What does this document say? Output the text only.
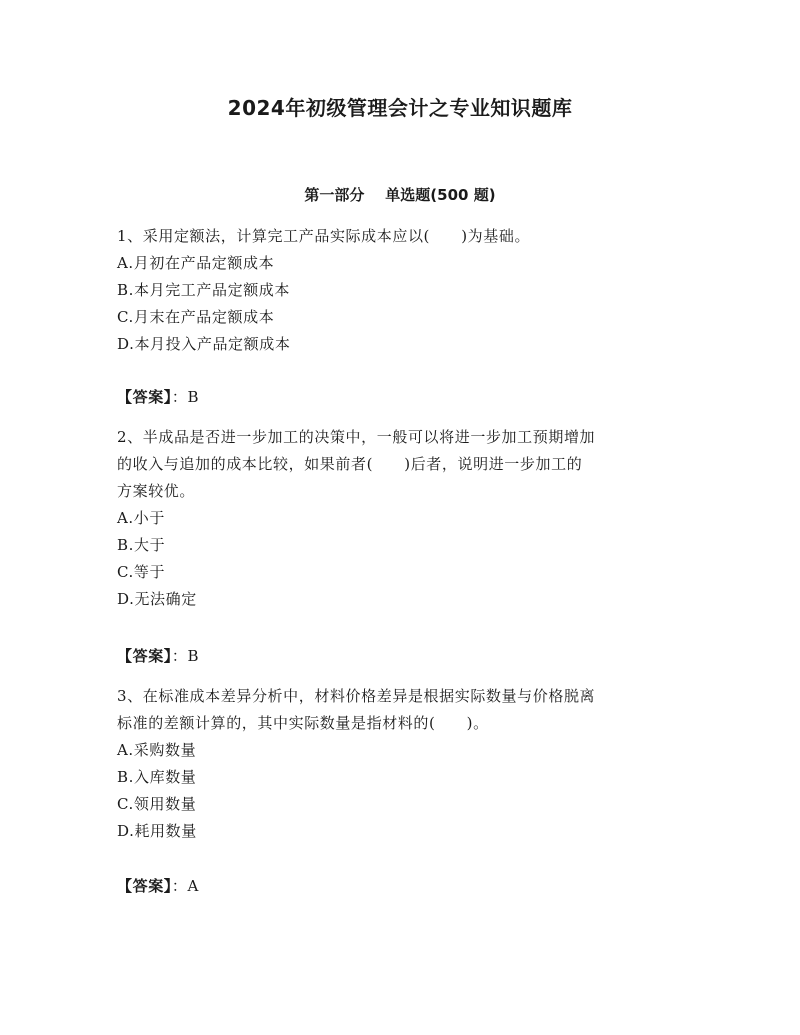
2024年初级管理会计之专业知识题库
第一部分    单选题(500 题)
1、采用定额法，计算完工产品实际成本应以(　　)为基础。
A.月初在产品定额成本
B.本月完工产品定额成本
C.月末在产品定额成本
D.本月投入产品定额成本
【答案】：B
2、半成品是否进一步加工的决策中，一般可以将进一步加工预期增加
的收入与追加的成本比较，如果前者(　　)后者，说明进一步加工的
方案较优。
A.小于
B.大于
C.等于
D.无法确定
【答案】：B
3、在标准成本差异分析中，材料价格差异是根据实际数量与价格脱离
标准的差额计算的，其中实际数量是指材料的(　　)。
A.采购数量
B.入库数量
C.领用数量
D.耗用数量
【答案】：A
